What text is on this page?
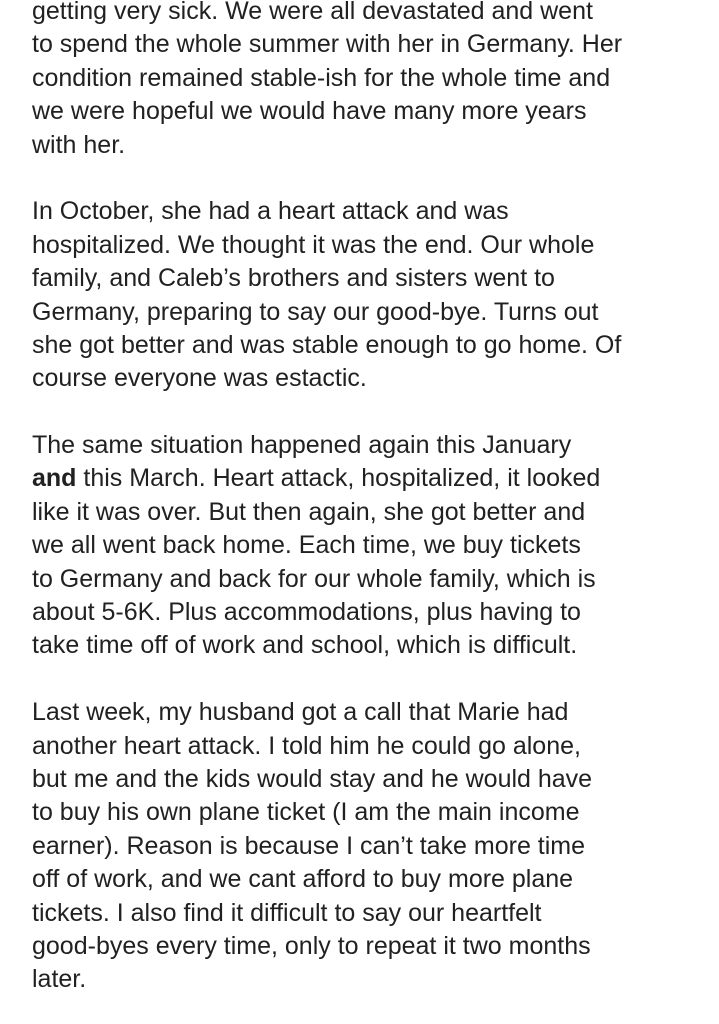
getting very sick. We were all devastated and went
to spend the whole summer with her in Germany. Her
condition remained stable-ish for the whole time and
we were hopeful we would have many more years
with her.
In October, she had a heart attack and was
hospitalized. We thought it was the end. Our whole
family, and Caleb’s brothers and sisters went to
Germany, preparing to say our good-bye. Turns out
she got better and was stable enough to go home. Of
course everyone was estactic.
The same situation happened again this January
and this March. Heart attack, hospitalized, it looked
like it was over. But then again, she got better and
we all went back home. Each time, we buy tickets
to Germany and back for our whole family, which is
about 5-6K. Plus accommodations, plus having to
take time off of work and school, which is difficult.
Last week, my husband got a call that Marie had
another heart attack. I told him he could go alone,
but me and the kids would stay and he would have
to buy his own plane ticket (I am the main income
earner). Reason is because I can’t take more time
off of work, and we cant afford to buy more plane
tickets. I also find it difficult to say our heartfelt
good-byes every time, only to repeat it two months
later.
